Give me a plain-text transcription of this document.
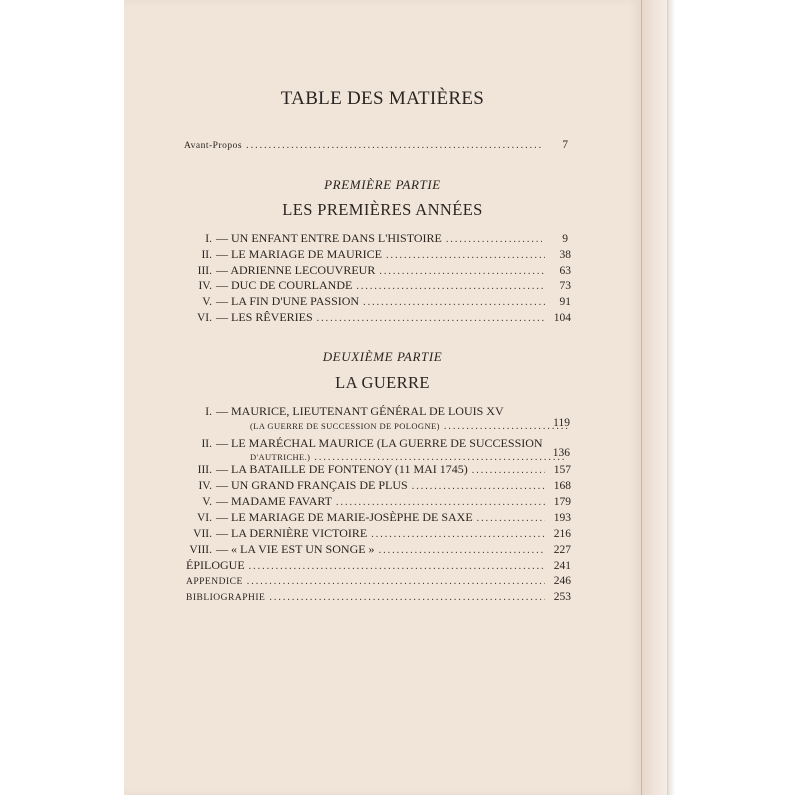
TABLE DES MATIÈRES
Avant-Propos .....	7
PREMIÈRE PARTIE
LES PREMIÈRES ANNÉES
I. — UN ENFANT ENTRE DANS L'HISTOIRE .....	9
II. — LE MARIAGE DE MAURICE .....	38
III. — ADRIENNE LECOUVREUR .....	63
IV. — DUC DE COURLANDE .....	73
V. — LA FIN D'UNE PASSION .....	91
VI. — LES RÊVERIES .....	104
DEUXIÈME PARTIE
LA GUERRE
I. — MAURICE, LIEUTENANT GÉNÉRAL DE LOUIS XV
(LA GUERRE DE SUCCESSION DE POLOGNE) .....	119
II. — LE MARÉCHAL MAURICE (LA GUERRE DE SUCCESSION
D'AUTRICHE.) .....	136
III. — LA BATAILLE DE FONTENOY (11 MAI 1745) .....	157
IV. — UN GRAND FRANÇAIS DE PLUS .....	168
V. — MADAME FAVART .....	179
VI. — LE MARIAGE DE MARIE-JOSÈPHE DE SAXE .....	193
VII. — LA DERNIÈRE VICTOIRE .....	216
VIII. — « LA VIE EST UN SONGE » .....	227
ÉPILOGUE .....	241
APPENDICE .....	246
BIBLIOGRAPHIE .....	253
